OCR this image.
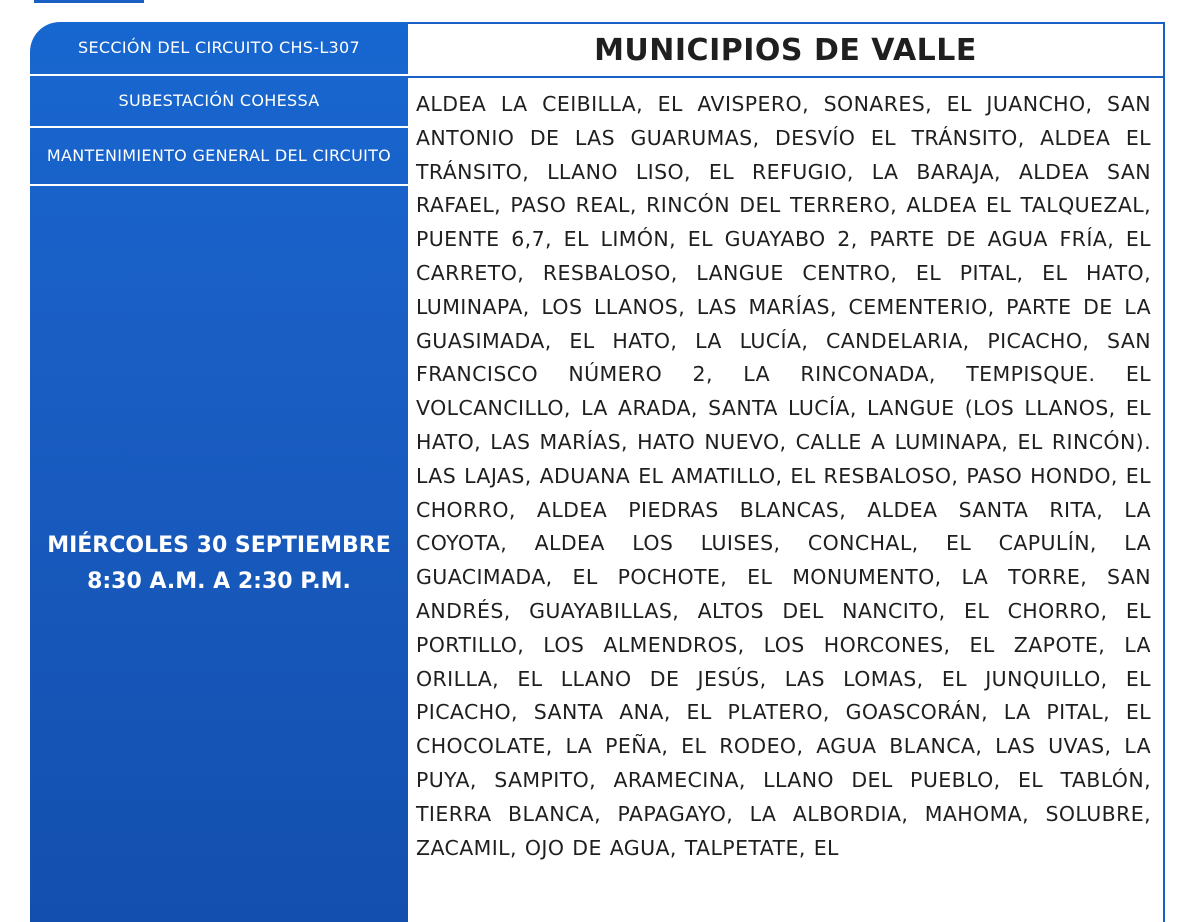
SECCIÓN DEL CIRCUITO CHS-L307
SUBESTACIÓN COHESSA
MANTENIMIENTO GENERAL DEL CIRCUITO
MIÉRCOLES 30 SEPTIEMBRE
8:30 A.M. A 2:30 P.M.
MUNICIPIOS DE VALLE
ALDEA LA CEIBILLA, EL AVISPERO, SONARES, EL JUANCHO, SAN ANTONIO DE LAS GUARUMAS, DESVÍO EL TRÁNSITO, ALDEA EL TRÁNSITO, LLANO LISO, EL REFUGIO, LA BARAJA, ALDEA SAN RAFAEL, PASO REAL, RINCÓN DEL TERRERO, ALDEA EL TALQUEZAL, PUENTE 6,7, EL LIMÓN, EL GUAYABO 2, PARTE DE AGUA FRÍA, EL CARRETO, RESBALOSO, LANGUE CENTRO, EL PITAL, EL HATO, LUMINAPA, LOS LLANOS, LAS MARÍAS, CEMENTERIO, PARTE DE LA GUASIMADA, EL HATO, LA LUCÍA, CANDELARIA, PICACHO, SAN FRANCISCO NÚMERO 2, LA RINCONADA, TEMPISQUE. EL VOLCANCILLO, LA ARADA, SANTA LUCÍA, LANGUE (LOS LLANOS, EL HATO, LAS MARÍAS, HATO NUEVO, CALLE A LUMINAPA, EL RINCÓN). LAS LAJAS, ADUANA EL AMATILLO, EL RESBALOSO, PASO HONDO, EL CHORRO, ALDEA PIEDRAS BLANCAS, ALDEA SANTA RITA, LA COYOTA, ALDEA LOS LUISES, CONCHAL, EL CAPULÍN, LA GUACIMADA, EL POCHOTE, EL MONUMENTO, LA TORRE, SAN ANDRÉS, GUAYABILLAS, ALTOS DEL NANCITO, EL CHORRO, EL PORTILLO, LOS ALMENDROS, LOS HORCONES, EL ZAPOTE, LA ORILLA, EL LLANO DE JESÚS, LAS LOMAS, EL JUNQUILLO, EL PICACHO, SANTA ANA, EL PLATERO, GOASCORÁN, LA PITAL, EL CHOCOLATE, LA PEÑA, EL RODEO, AGUA BLANCA, LAS UVAS, LA PUYA, SAMPITO, ARAMECINA, LLANO DEL PUEBLO, EL TABLÓN, TIERRA BLANCA, PAPAGAYO, LA ALBORDIA, MAHOMA, SOLUBRE, ZACAMIL, OJO DE AGUA, TALPETATE, EL
